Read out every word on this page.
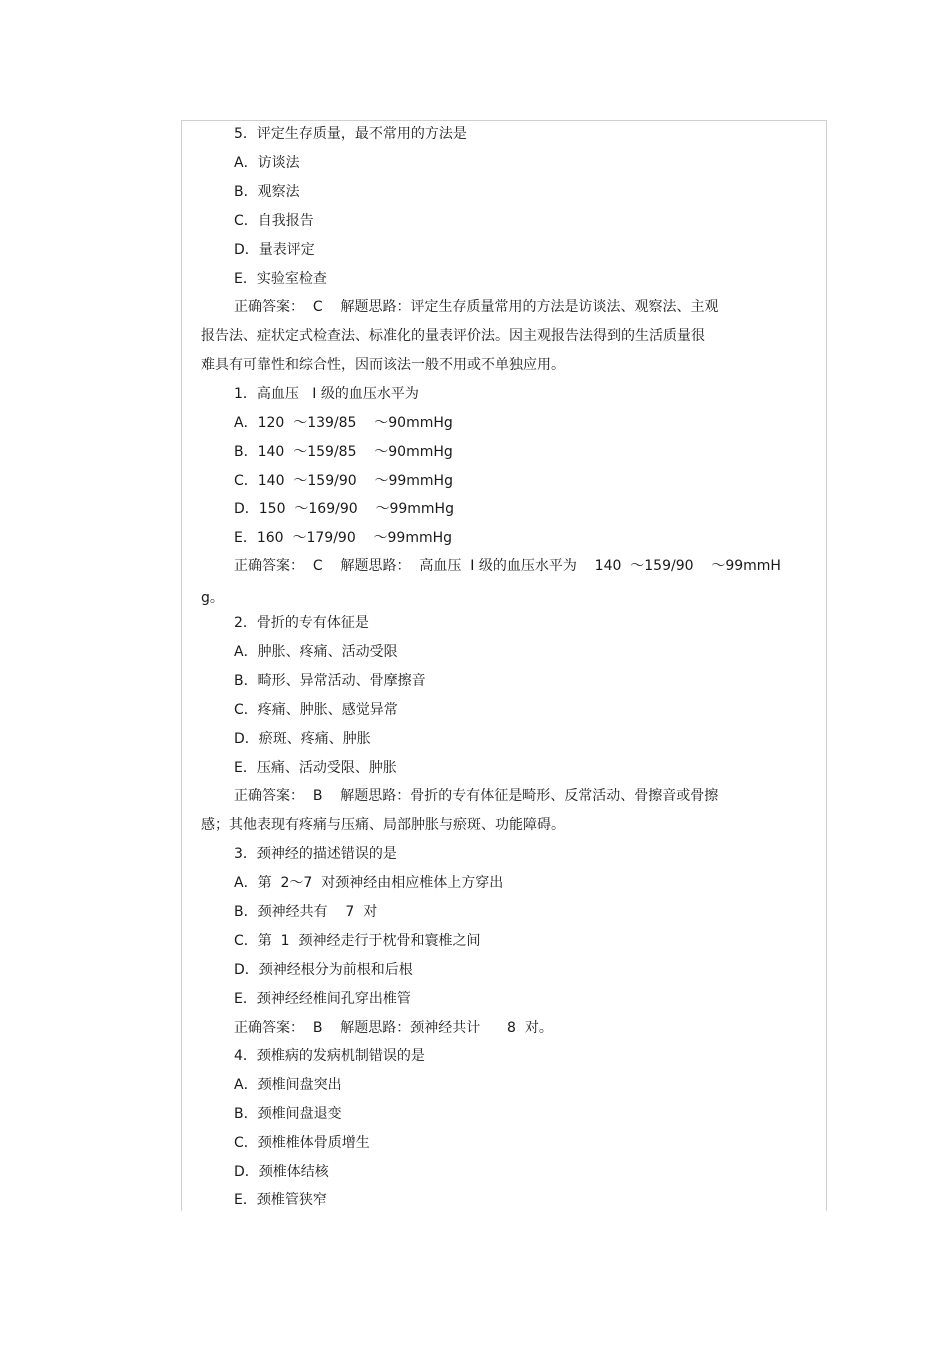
5．评定生存质量，最不常用的方法是
A．访谈法
B．观察法
C．自我报告
D．量表评定
E．实验室检查
正确答案：  C    解题思路：评定生存质量常用的方法是访谈法、观察法、主观
报告法、症状定式检查法、标准化的量表评价法。因主观报告法得到的生活质量很
难具有可靠性和综合性，因而该法一般不用或不单独应用。
1．高血压   I 级的血压水平为
A．120  ～139/85    ～90mmHg
B．140  ～159/85    ～90mmHg
C．140  ～159/90    ～99mmHg
D．150  ～169/90    ～99mmHg
E．160  ～179/90    ～99mmHg
正确答案：  C    解题思路：  高血压  I 级的血压水平为    140  ～159/90    ～99mmH
g。
2．骨折的专有体征是
A．肿胀、疼痛、活动受限
B．畸形、异常活动、骨摩擦音
C．疼痛、肿胀、感觉异常
D．瘀斑、疼痛、肿胀
E．压痛、活动受限、肿胀
正确答案：  B    解题思路：骨折的专有体征是畸形、反常活动、骨擦音或骨擦
感；其他表现有疼痛与压痛、局部肿胀与瘀斑、功能障碍。
3．颈神经的描述错误的是
A．第  2～7  对颈神经由相应椎体上方穿出
B．颈神经共有    7  对
C．第  1  颈神经走行于枕骨和寰椎之间
D．颈神经根分为前根和后根
E．颈神经经椎间孔穿出椎管
正确答案：  B    解题思路：颈神经共计      8  对。
4．颈椎病的发病机制错误的是
A．颈椎间盘突出
B．颈椎间盘退变
C．颈椎椎体骨质增生
D．颈椎体结核
E．颈椎管狭窄
